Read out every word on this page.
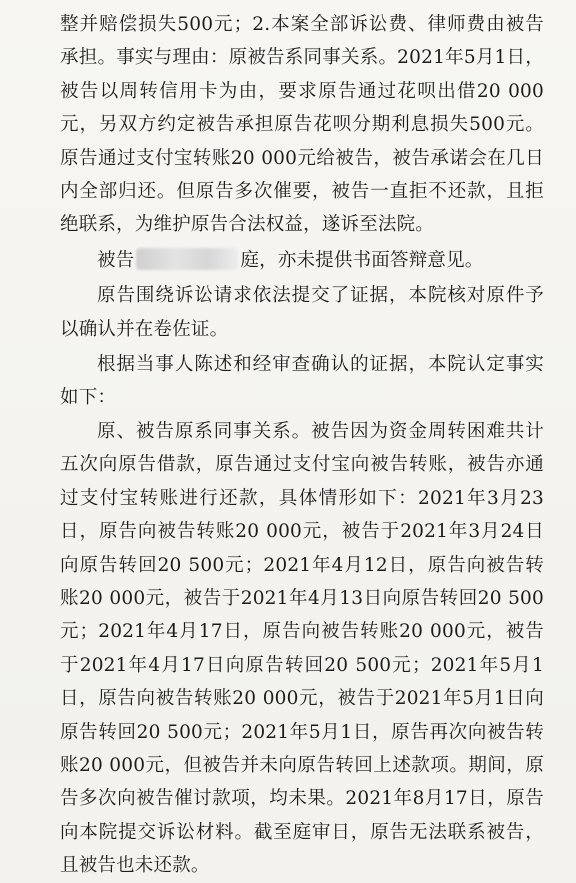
整并赔偿损失500元；2.本案全部诉讼费、律师费由被告承担。事实与理由：原被告系同事关系。2021年5月1日，被告以周转信用卡为由，要求原告通过花呗出借20 000元，另双方约定被告承担原告花呗分期利息损失500元。原告通过支付宝转账20 000元给被告，被告承诺会在几日内全部归还。但原告多次催要，被告一直拒不还款，且拒绝联系，为维护原告合法权益，遂诉至法院。

被告	庭，亦未提供书面答辩意见。

原告围绕诉讼请求依法提交了证据，本院核对原件予以确认并在卷佐证。

根据当事人陈述和经审查确认的证据，本院认定事实如下：

原、被告原系同事关系。被告因为资金周转困难共计五次向原告借款，原告通过支付宝向被告转账，被告亦通过支付宝转账进行还款，具体情形如下：2021年3月23日，原告向被告转账20 000元，被告于2021年3月24日向原告转回20 500元；2021年4月12日，原告向被告转账20 000元，被告于2021年4月13日向原告转回20 500元；2021年4月17日，原告向被告转账20 000元，被告于2021年4月17日向原告转回20 500元；2021年5月1日，原告向被告转账20 000元，被告于2021年5月1日向原告转回20 500元；2021年5月1日，原告再次向被告转账20 000元，但被告并未向原告转回上述款项。期间，原告多次向被告催讨款项，均未果。2021年8月17日，原告向本院提交诉讼材料。截至庭审日，原告无法联系被告，且被告也未还款。
